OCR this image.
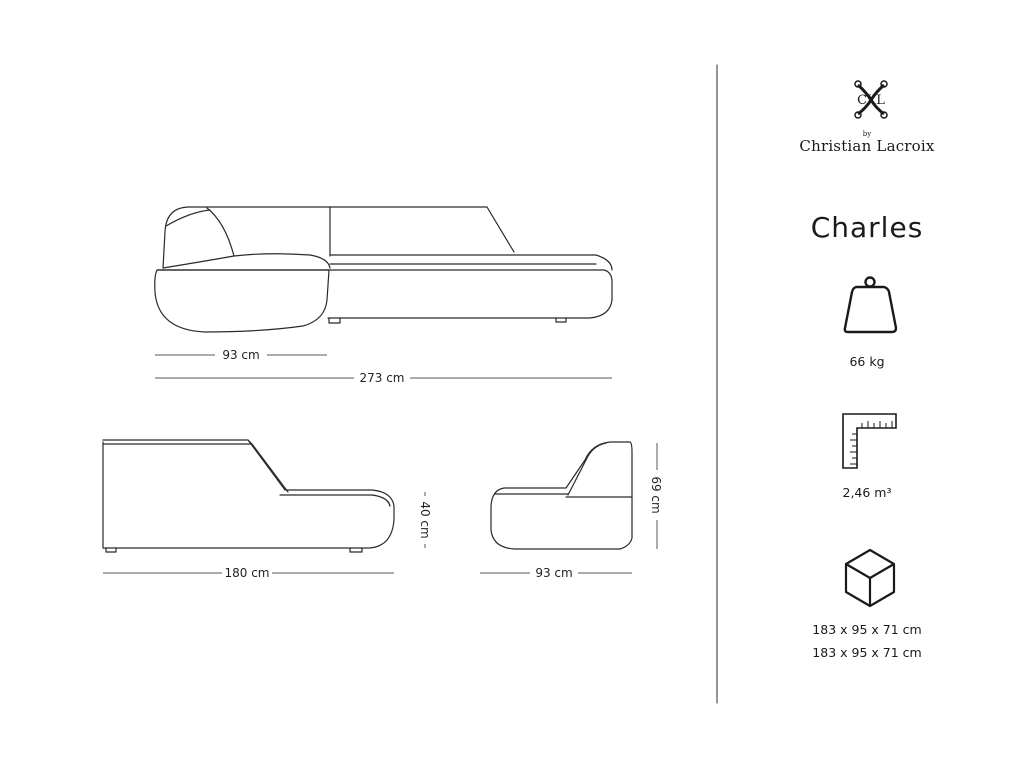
93 cm
273 cm
180 cm	93 cm
40 cm
69 cm
CXL
by
Christian Lacroix
Charles
66 kg
2,46 m³
183 x 95 x 71 cm
183 x 95 x 71 cm
